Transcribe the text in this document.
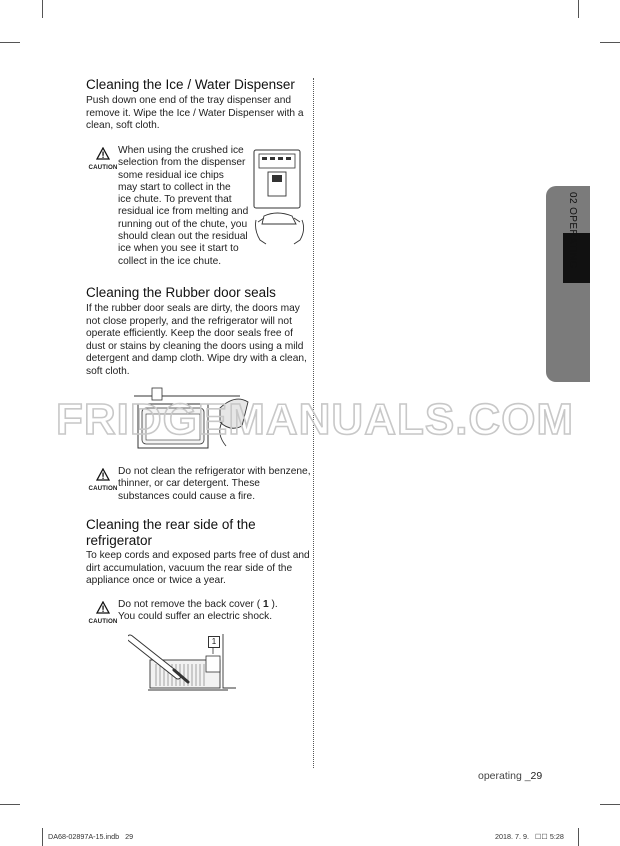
Cleaning the Ice / Water Dispenser
Push down one end of the tray dispenser and remove it. Wipe the Ice / Water Dispenser with a clean, soft cloth.
CAUTION
When using the crushed ice
selection from the dispenser
some residual ice chips
may start to collect in the
ice chute. To prevent that
residual ice from melting and
running out of the chute, you
should clean out the residual
ice when you see it start to
collect in the ice chute.
Cleaning the Rubber door seals
If the rubber door seals are dirty, the doors may not close properly, and the refrigerator will not operate efficiently. Keep the door seals free of dust or stains by cleaning the doors using a mild detergent and damp cloth. Wipe dry with a clean, soft cloth.
CAUTION
Do not clean the refrigerator with benzene,
thinner, or car detergent. These
substances could cause a fire.
Cleaning the rear side of the
refrigerator
To keep cords and exposed parts free of dust and dirt accumulation, vacuum the rear side of the appliance once or twice a year.
CAUTION
Do not remove the back cover ( 1 ).
You could suffer an electric shock.
1
02 OPERATING
FRIDGEMANUALS.COM
operating _29
DA68-02897A-15.indb   29	2018. 7. 9.   ☐☐ 5:28
